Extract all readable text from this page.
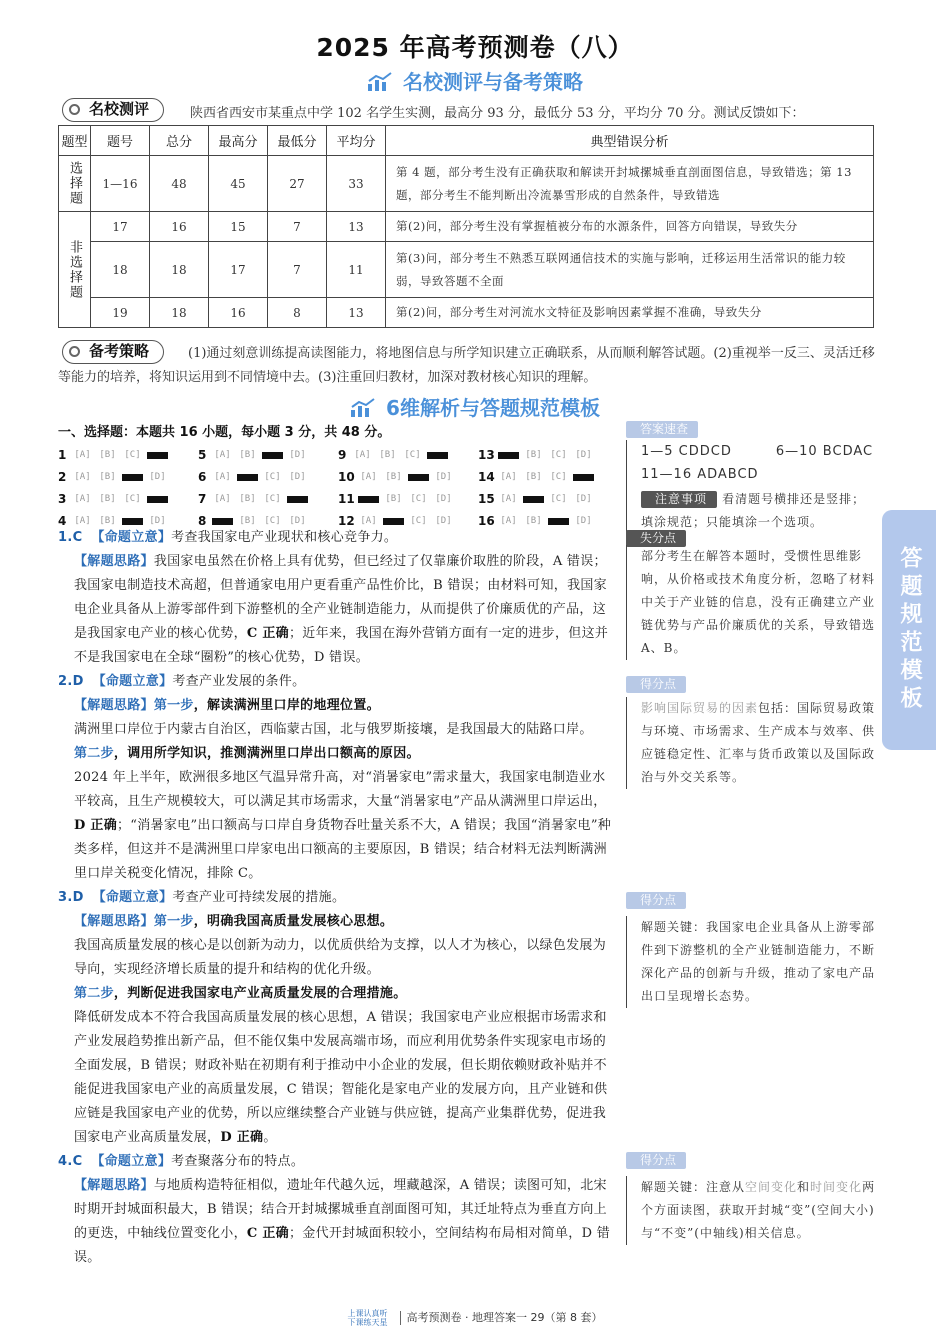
2025 年高考预测卷（八）
名校测评与备考策略
名校测评	陕西省西安市某重点中学 102 名学生实测，最高分 93 分，最低分 53 分，平均分 70 分。测试反馈如下：
题型	题号	总分	最高分	最低分	平均分	典型错误分析
选择题	1—16	48	45	27	33	第 4 题，部分考生没有正确获取和解读开封城摞城垂直剖面图信息，导致错选；第 13 题，部分考生不能判断出冷流暴雪形成的自然条件，导致错选
非选择题	17	16	15	7	13	第(2)问，部分考生没有掌握植被分布的水源条件，回答方向错误，导致失分
	18	18	17	7	11	第(3)问，部分考生不熟悉互联网通信技术的实施与影响，迁移运用生活常识的能力较弱，导致答题不全面
	19	18	16	8	13	第(2)问，部分考生对河流水文特征及影响因素掌握不准确，导致失分
备考策略	(1)通过刻意训练提高读图能力，将地图信息与所学知识建立正确联系，从而顺利解答试题。(2)重视举一反三、灵活迁移等能力的培养，将知识运用到不同情境中去。(3)注重回归教材，加深对教材核心知识的理解。
6维解析与答题规范模板
一、选择题：本题共 16 小题，每小题 3 分，共 48 分。
1 [A] [B] [C]	5 [A] [B]	[D]	9 [A] [B] [C]	13	[B] [C] [D]
2 [A] [B]	[D]	6 [A]	[C] [D]	10 [A] [B]	[D]	14 [A] [B] [C]
3 [A] [B] [C]	7 [A] [B] [C]	11	[B] [C] [D]	15 [A]	[C] [D]
4 [A] [B]	[D]	8	[B] [C] [D]	12 [A]	[C] [D]	16 [A] [B]	[D]
1.C 【命题立意】考查我国家电产业现状和核心竞争力。
【解题思路】我国家电虽然在价格上具有优势，但已经过了仅靠廉价取胜的阶段，A 错误；我国家电制造技术高超，但普通家电用户更看重产品性价比，B 错误；由材料可知，我国家电企业具备从上游零部件到下游整机的全产业链制造能力，从而提供了价廉质优的产品，这是我国家电产业的核心优势，C 正确；近年来，我国在海外营销方面有一定的进步，但这并不是我国家电在全球“圈粉”的核心优势，D 错误。
2.D 【命题立意】考查产业发展的条件。
【解题思路】第一步，解读满洲里口岸的地理位置。
满洲里口岸位于内蒙古自治区，西临蒙古国，北与俄罗斯接壤，是我国最大的陆路口岸。
第二步，调用所学知识，推测满洲里口岸出口额高的原因。
2024 年上半年，欧洲很多地区气温异常升高，对“消暑家电”需求量大，我国家电制造业水平较高，且生产规模较大，可以满足其市场需求，大量“消暑家电”产品从满洲里口岸运出，D 正确；“消暑家电”出口额高与口岸自身货物吞吐量关系不大，A 错误；我国“消暑家电”种类多样，但这并不是满洲里口岸家电出口额高的主要原因，B 错误；结合材料无法判断满洲里口岸关税变化情况，排除 C。
3.D 【命题立意】考查产业可持续发展的措施。
【解题思路】第一步，明确我国高质量发展核心思想。
我国高质量发展的核心是以创新为动力，以优质供给为支撑，以人才为核心，以绿色发展为导向，实现经济增长质量的提升和结构的优化升级。
第二步，判断促进我国家电产业高质量发展的合理措施。
降低研发成本不符合我国高质量发展的核心思想，A 错误；我国家电产业应根据市场需求和产业发展趋势推出新产品，但不能仅集中发展高端市场，而应利用优势条件实现家电市场的全面发展，B 错误；财政补贴在初期有利于推动中小企业的发展，但长期依赖财政补贴并不能促进我国家电产业的高质量发展，C 错误；智能化是家电产业的发展方向，且产业链和供应链是我国家电产业的优势，所以应继续整合产业链与供应链，提高产业集群优势，促进我国家电产业高质量发展，D 正确。
4.C 【命题立意】考查聚落分布的特点。
【解题思路】与地质构造特征相似，遗址年代越久远，埋藏越深，A 错误；读图可知，北宋时期开封城面积最大，B 错误；结合开封城摞城垂直剖面图可知，其迁址特点为垂直方向上的更迭，中轴线位置变化小，C 正确；金代开封城面积较小，空间结构布局相对简单，D 错误。
答案速查
1—5 CDDCD	6—10 BCDAC
11—16 ADABCD
注意事项 看清题号横排还是竖排；填涂规范；只能填涂一个选项。
失分点
部分考生在解答本题时，受惯性思维影响，从价格或技术角度分析，忽略了材料中关于产业链的信息，没有正确建立产业链优势与产品价廉质优的关系，导致错选 A、B。
得分点
影响国际贸易的因素包括：国际贸易政策与环境、市场需求、生产成本与效率、供应链稳定性、汇率与货币政策以及国际政治与外交关系等。
得分点
解题关键：我国家电企业具备从上游零部件到下游整机的全产业链制造能力，不断深化产品的创新与升级，推动了家电产品出口呈现增长态势。
得分点
解题关键：注意从空间变化和时间变化两个方面读图，获取开封城“变”(空间大小)与“不变”(中轴线)相关信息。
答题规范模板
上课认真听
下课练天星 高考预测卷 · 地理答案一 29（第 8 套）
